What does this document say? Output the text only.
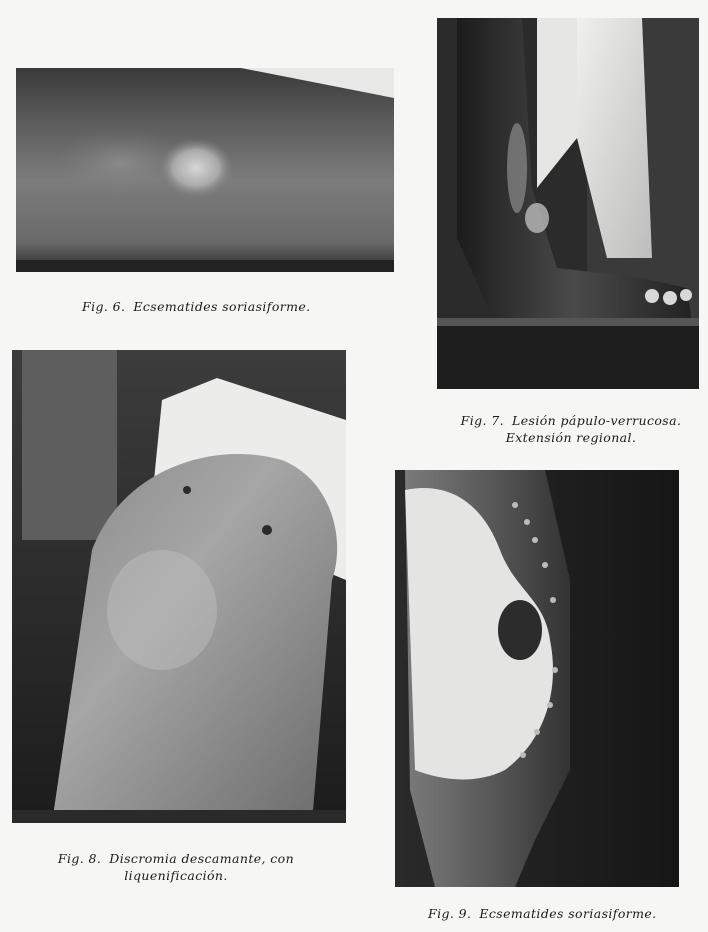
Fig. 6. Ecsematides soriasiforme.
Fig. 7. Lesión pápulo-verrucosa.
Extensión regional.
Fig. 8. Discromia descamante, con
liquenificación.
Fig. 9. Ecsematides soriasiforme.
